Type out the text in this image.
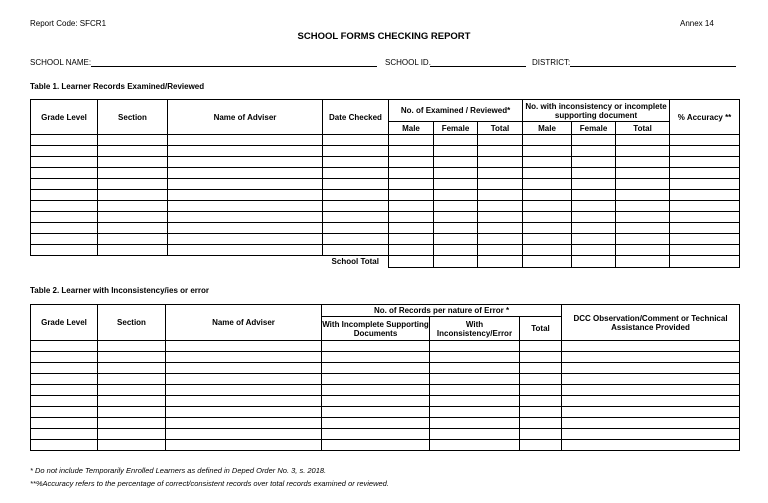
Report Code: SFCR1	Annex 14
SCHOOL FORMS CHECKING REPORT
SCHOOL NAME:	SCHOOL ID.	DISTRICT:
Table 1. Learner Records Examined/Reviewed
Grade Level	Section	Name of Adviser	Date Checked	No. of Examined / Reviewed*			No. with inconsistency or incomplete supporting document			% Accuracy **
				Male	Female	Total	Male	Female	Total	

			School Total							
Table 2. Learner with Inconsistency/ies or error
Grade Level	Section	Name of Adviser	No. of Records per nature of Error *			DCC Observation/Comment or Technical Assistance Provided
			With Incomplete Supporting Documents	With Inconsistency/Error	Total	

* Do not include Temporarily Enrolled Learners as defined in Deped Order No. 3, s. 2018.
**%Accuracy refers to the percentage of correct/consistent records over total records examined or reviewed.
